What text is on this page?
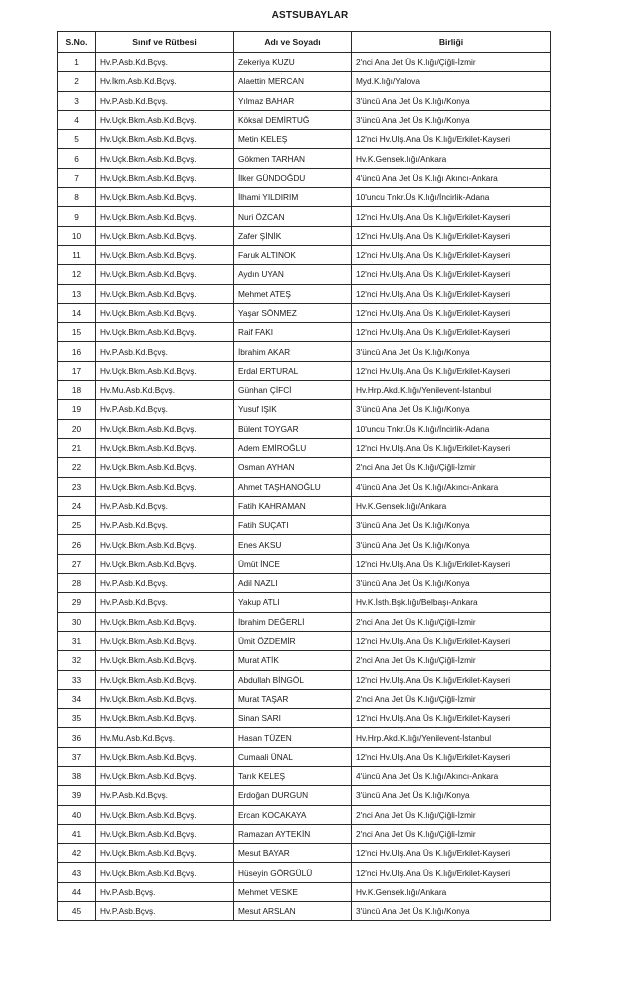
ASTSUBAYLAR
S.No.	Sınıf ve Rütbesi	Adı ve Soyadı	Birliği
1	Hv.P.Asb.Kd.Bçvş.	Zekeriya KUZU	2'nci Ana Jet Üs K.lığı/Çiğli-İzmir
2	Hv.İkm.Asb.Kd.Bçvş.	Alaettin MERCAN	Myd.K.lığı/Yalova
3	Hv.P.Asb.Kd.Bçvş.	Yılmaz BAHAR	3'üncü Ana Jet Üs K.lığı/Konya
4	Hv.Uçk.Bkm.Asb.Kd.Bçvş.	Köksal DEMİRTUĞ	3'üncü Ana Jet Üs K.lığı/Konya
5	Hv.Uçk.Bkm.Asb.Kd.Bçvş.	Metin KELEŞ	12'nci Hv.Ulş.Ana Üs K.lığı/Erkilet-Kayseri
6	Hv.Uçk.Bkm.Asb.Kd.Bçvş.	Gökmen TARHAN	Hv.K.Gensek.lığı/Ankara
7	Hv.Uçk.Bkm.Asb.Kd.Bçvş.	İlker GÜNDOĞDU	4'üncü Ana Jet Üs K.lığı Akıncı-Ankara
8	Hv.Uçk.Bkm.Asb.Kd.Bçvş.	İlhami YILDIRIM	10'uncu Tnkr.Üs K.lığı/İncirlik-Adana
9	Hv.Uçk.Bkm.Asb.Kd.Bçvş.	Nuri ÖZCAN	12'nci Hv.Ulş.Ana Üs K.lığı/Erkilet-Kayseri
10	Hv.Uçk.Bkm.Asb.Kd.Bçvş.	Zafer ŞİNİK	12'nci Hv.Ulş.Ana Üs K.lığı/Erkilet-Kayseri
11	Hv.Uçk.Bkm.Asb.Kd.Bçvş.	Faruk ALTINOK	12'nci Hv.Ulş.Ana Üs K.lığı/Erkilet-Kayseri
12	Hv.Uçk.Bkm.Asb.Kd.Bçvş.	Aydın UYAN	12'nci Hv.Ulş.Ana Üs K.lığı/Erkilet-Kayseri
13	Hv.Uçk.Bkm.Asb.Kd.Bçvş.	Mehmet ATEŞ	12'nci Hv.Ulş.Ana Üs K.lığı/Erkilet-Kayseri
14	Hv.Uçk.Bkm.Asb.Kd.Bçvş.	Yaşar SÖNMEZ	12'nci Hv.Ulş.Ana Üs K.lığı/Erkilet-Kayseri
15	Hv.Uçk.Bkm.Asb.Kd.Bçvş.	Raif FAKI	12'nci Hv.Ulş.Ana Üs K.lığı/Erkilet-Kayseri
16	Hv.P.Asb.Kd.Bçvş.	İbrahim AKAR	3'üncü Ana Jet Üs K.lığı/Konya
17	Hv.Uçk.Bkm.Asb.Kd.Bçvş.	Erdal ERTURAL	12'nci Hv.Ulş.Ana Üs K.lığı/Erkilet-Kayseri
18	Hv.Mu.Asb.Kd.Bçvş.	Günhan ÇİFCİ	Hv.Hrp.Akd.K.lığı/Yenilevent-İstanbul
19	Hv.P.Asb.Kd.Bçvş.	Yusuf IŞIK	3'üncü Ana Jet Üs K.lığı/Konya
20	Hv.Uçk.Bkm.Asb.Kd.Bçvş.	Bülent TOYGAR	10'uncu Tnkr.Üs K.lığı/İncirlik-Adana
21	Hv.Uçk.Bkm.Asb.Kd.Bçvş.	Adem EMİROĞLU	12'nci Hv.Ulş.Ana Üs K.lığı/Erkilet-Kayseri
22	Hv.Uçk.Bkm.Asb.Kd.Bçvş.	Osman AYHAN	2'nci Ana Jet Üs K.lığı/Çiğli-İzmir
23	Hv.Uçk.Bkm.Asb.Kd.Bçvş.	Ahmet TAŞHANOĞLU	4'üncü Ana Jet Üs K.lığı/Akıncı-Ankara
24	Hv.P.Asb.Kd.Bçvş.	Fatih KAHRAMAN	Hv.K.Gensek.lığı/Ankara
25	Hv.P.Asb.Kd.Bçvş.	Fatih SUÇATI	3'üncü Ana Jet Üs K.lığı/Konya
26	Hv.Uçk.Bkm.Asb.Kd.Bçvş.	Enes AKSU	3'üncü Ana Jet Üs K.lığı/Konya
27	Hv.Uçk.Bkm.Asb.Kd.Bçvş.	Ümüt İNCE	12'nci Hv.Ulş.Ana Üs K.lığı/Erkilet-Kayseri
28	Hv.P.Asb.Kd.Bçvş.	Adil NAZLI	3'üncü Ana Jet Üs K.lığı/Konya
29	Hv.P.Asb.Kd.Bçvş.	Yakup ATLI	Hv.K.İsth.Bşk.lığı/Belbaşı-Ankara
30	Hv.Uçk.Bkm.Asb.Kd.Bçvş.	İbrahim DEĞERLİ	2'nci Ana Jet Üs K.lığı/Çiğli-İzmir
31	Hv.Uçk.Bkm.Asb.Kd.Bçvş.	Ümit ÖZDEMİR	12'nci Hv.Ulş.Ana Üs K.lığı/Erkilet-Kayseri
32	Hv.Uçk.Bkm.Asb.Kd.Bçvş.	Murat ATİK	2'nci Ana Jet Üs K.lığı/Çiğli-İzmir
33	Hv.Uçk.Bkm.Asb.Kd.Bçvş.	Abdullah BİNGÖL	12'nci Hv.Ulş.Ana Üs K.lığı/Erkilet-Kayseri
34	Hv.Uçk.Bkm.Asb.Kd.Bçvş.	Murat TAŞAR	2'nci Ana Jet Üs K.lığı/Çiğli-İzmir
35	Hv.Uçk.Bkm.Asb.Kd.Bçvş.	Sinan SARI	12'nci Hv.Ulş.Ana Üs K.lığı/Erkilet-Kayseri
36	Hv.Mu.Asb.Kd.Bçvş.	Hasan TÜZEN	Hv.Hrp.Akd.K.lığı/Yenilevent-İstanbul
37	Hv.Uçk.Bkm.Asb.Kd.Bçvş.	Cumaali ÜNAL	12'nci Hv.Ulş.Ana Üs K.lığı/Erkilet-Kayseri
38	Hv.Uçk.Bkm.Asb.Kd.Bçvş.	Tarık KELEŞ	4'üncü Ana Jet Üs K.lığı/Akıncı-Ankara
39	Hv.P.Asb.Kd.Bçvş.	Erdoğan DURGUN	3'üncü Ana Jet Üs K.lığı/Konya
40	Hv.Uçk.Bkm.Asb.Kd.Bçvş.	Ercan KOCAKAYA	2'nci Ana Jet Üs K.lığı/Çiğli-İzmir
41	Hv.Uçk.Bkm.Asb.Kd.Bçvş.	Ramazan AYTEKİN	2'nci Ana Jet Üs K.lığı/Çiğli-İzmir
42	Hv.Uçk.Bkm.Asb.Kd.Bçvş.	Mesut BAYAR	12'nci Hv.Ulş.Ana Üs K.lığı/Erkilet-Kayseri
43	Hv.Uçk.Bkm.Asb.Kd.Bçvş.	Hüseyin GÖRGÜLÜ	12'nci Hv.Ulş.Ana Üs K.lığı/Erkilet-Kayseri
44	Hv.P.Asb.Bçvş.	Mehmet VESKE	Hv.K.Gensek.lığı/Ankara
45	Hv.P.Asb.Bçvş.	Mesut ARSLAN	3'üncü Ana Jet Üs K.lığı/Konya
